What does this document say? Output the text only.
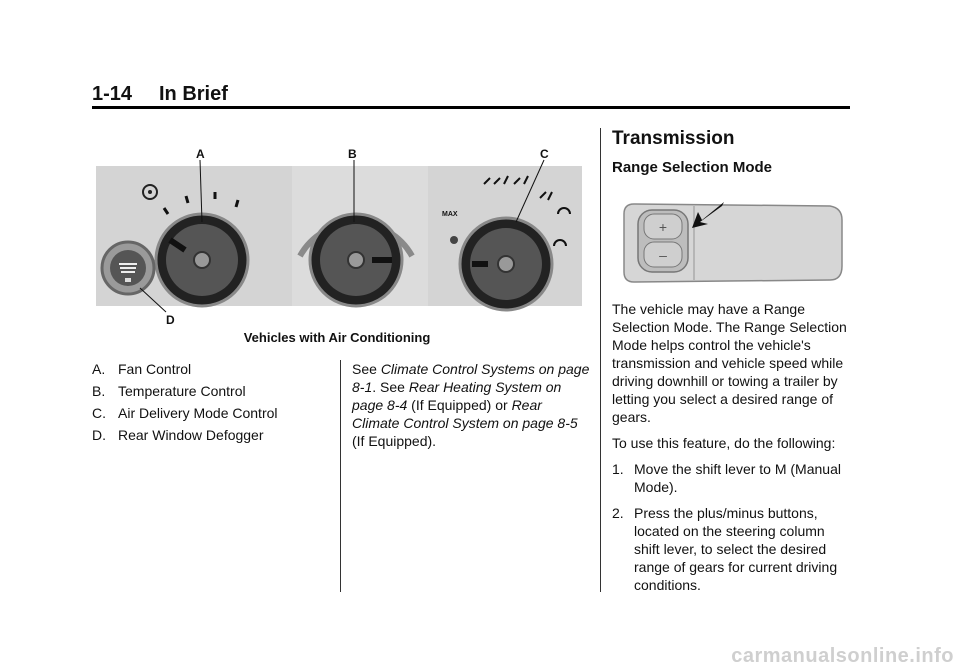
1-14 In Brief
MAX
A	B	C
D
Vehicles with Air Conditioning
A. Fan Control
B. Temperature Control
C. Air Delivery Mode Control
D. Rear Window Defogger
See Climate Control Systems on page 8-1. See Rear Heating System on page 8-4 (If Equipped) or Rear Climate Control System on page 8-5 (If Equipped).
Transmission
Range Selection Mode
+
–

The vehicle may have a Range Selection Mode. The Range Selection Mode helps control the vehicle's transmission and vehicle speed while driving downhill or towing a trailer by letting you select a desired range of gears.

To use this feature, do the following:

1. Move the shift lever to M (Manual Mode).
2. Press the plus/minus buttons, located on the steering column shift lever, to select the desired range of gears for current driving conditions.
carmanualsonline.info
